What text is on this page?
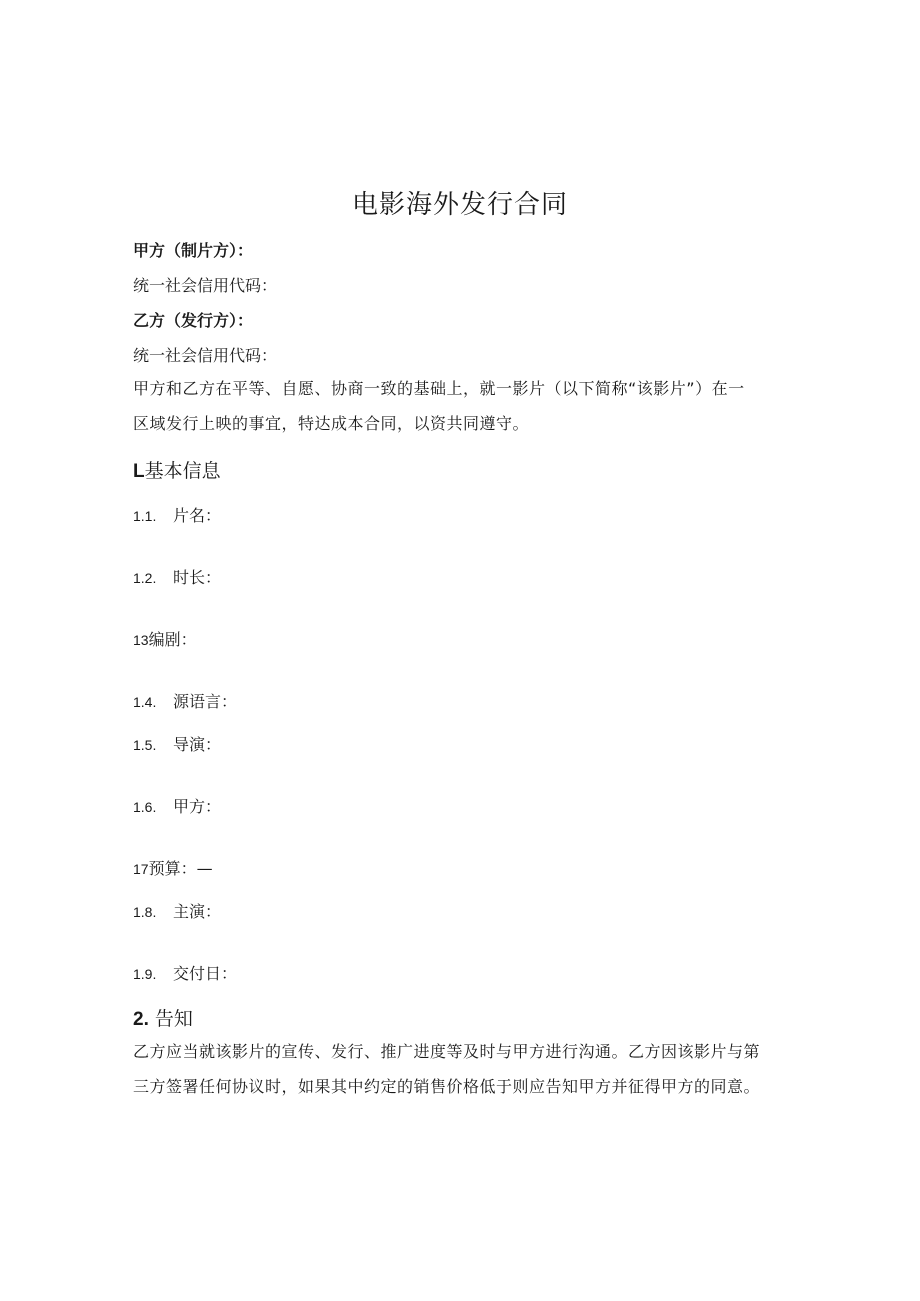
电影海外发行合同
甲方（制片方）：
统一社会信用代码：
乙方（发行方）：
统一社会信用代码：
甲方和乙方在平等、自愿、协商一致的基础上，就一影片（以下简称“该影片”）在一
区域发行上映的事宜，特达成本合同，以资共同遵守。
L基本信息
1.1. 片名：
1.2. 时长：
13编剧：
1.4. 源语言：
1.5. 导演：
1.6. 甲方：
17预算：—
1.8. 主演：
1.9. 交付日：
2. 告知
乙方应当就该影片的宣传、发行、推广进度等及时与甲方进行沟通。乙方因该影片与第
三方签署任何协议时，如果其中约定的销售价格低于则应告知甲方并征得甲方的同意。
